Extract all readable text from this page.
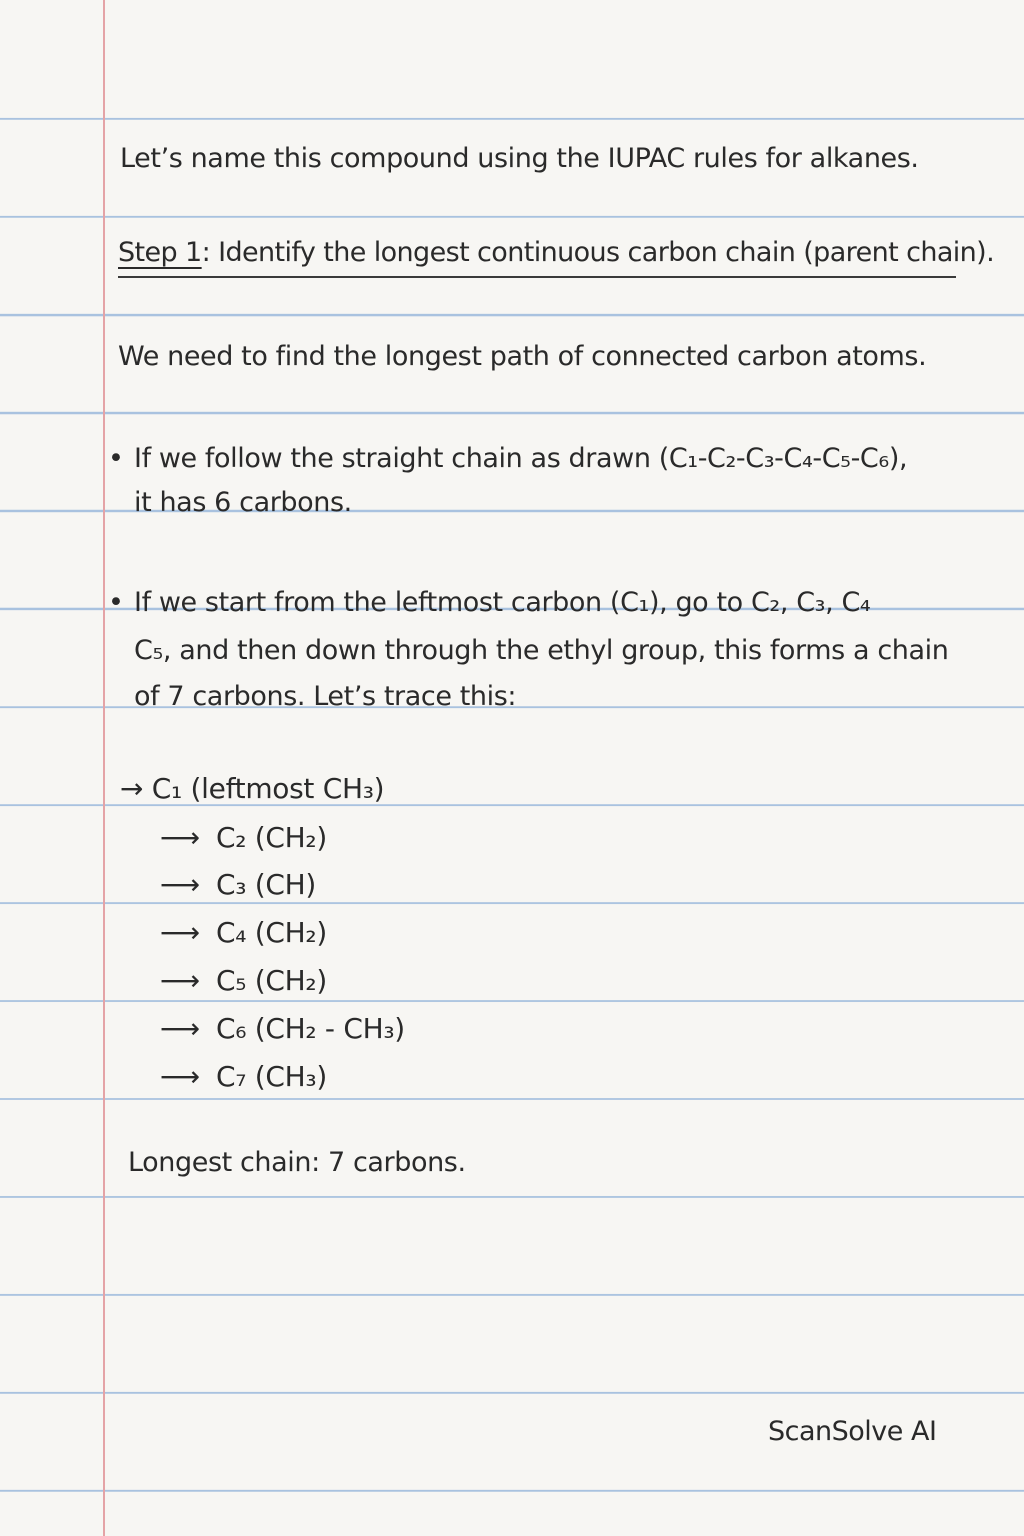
Let’s name this compound using the IUPAC rules for alkanes.
Step 1: Identify the longest continuous carbon chain (parent chain).
We need to find the longest path of connected carbon atoms.
• If we follow the straight chain as drawn (C₁-C₂-C₃-C₄-C₅-C₆),
it has 6 carbons.
• If we start from the leftmost carbon (C₁), go to C₂, C₃, C₄
C₅, and then down through the ethyl group, this forms a chain
of 7 carbons. Let’s trace this:
→ C₁ (leftmost CH₃)
⟶ C₂ (CH₂)
⟶ C₃ (CH)
⟶ C₄ (CH₂)
⟶ C₅ (CH₂)
⟶ C₆ (CH₂ - CH₃)
⟶ C₇ (CH₃)
Longest chain: 7 carbons.
ScanSolve AI
